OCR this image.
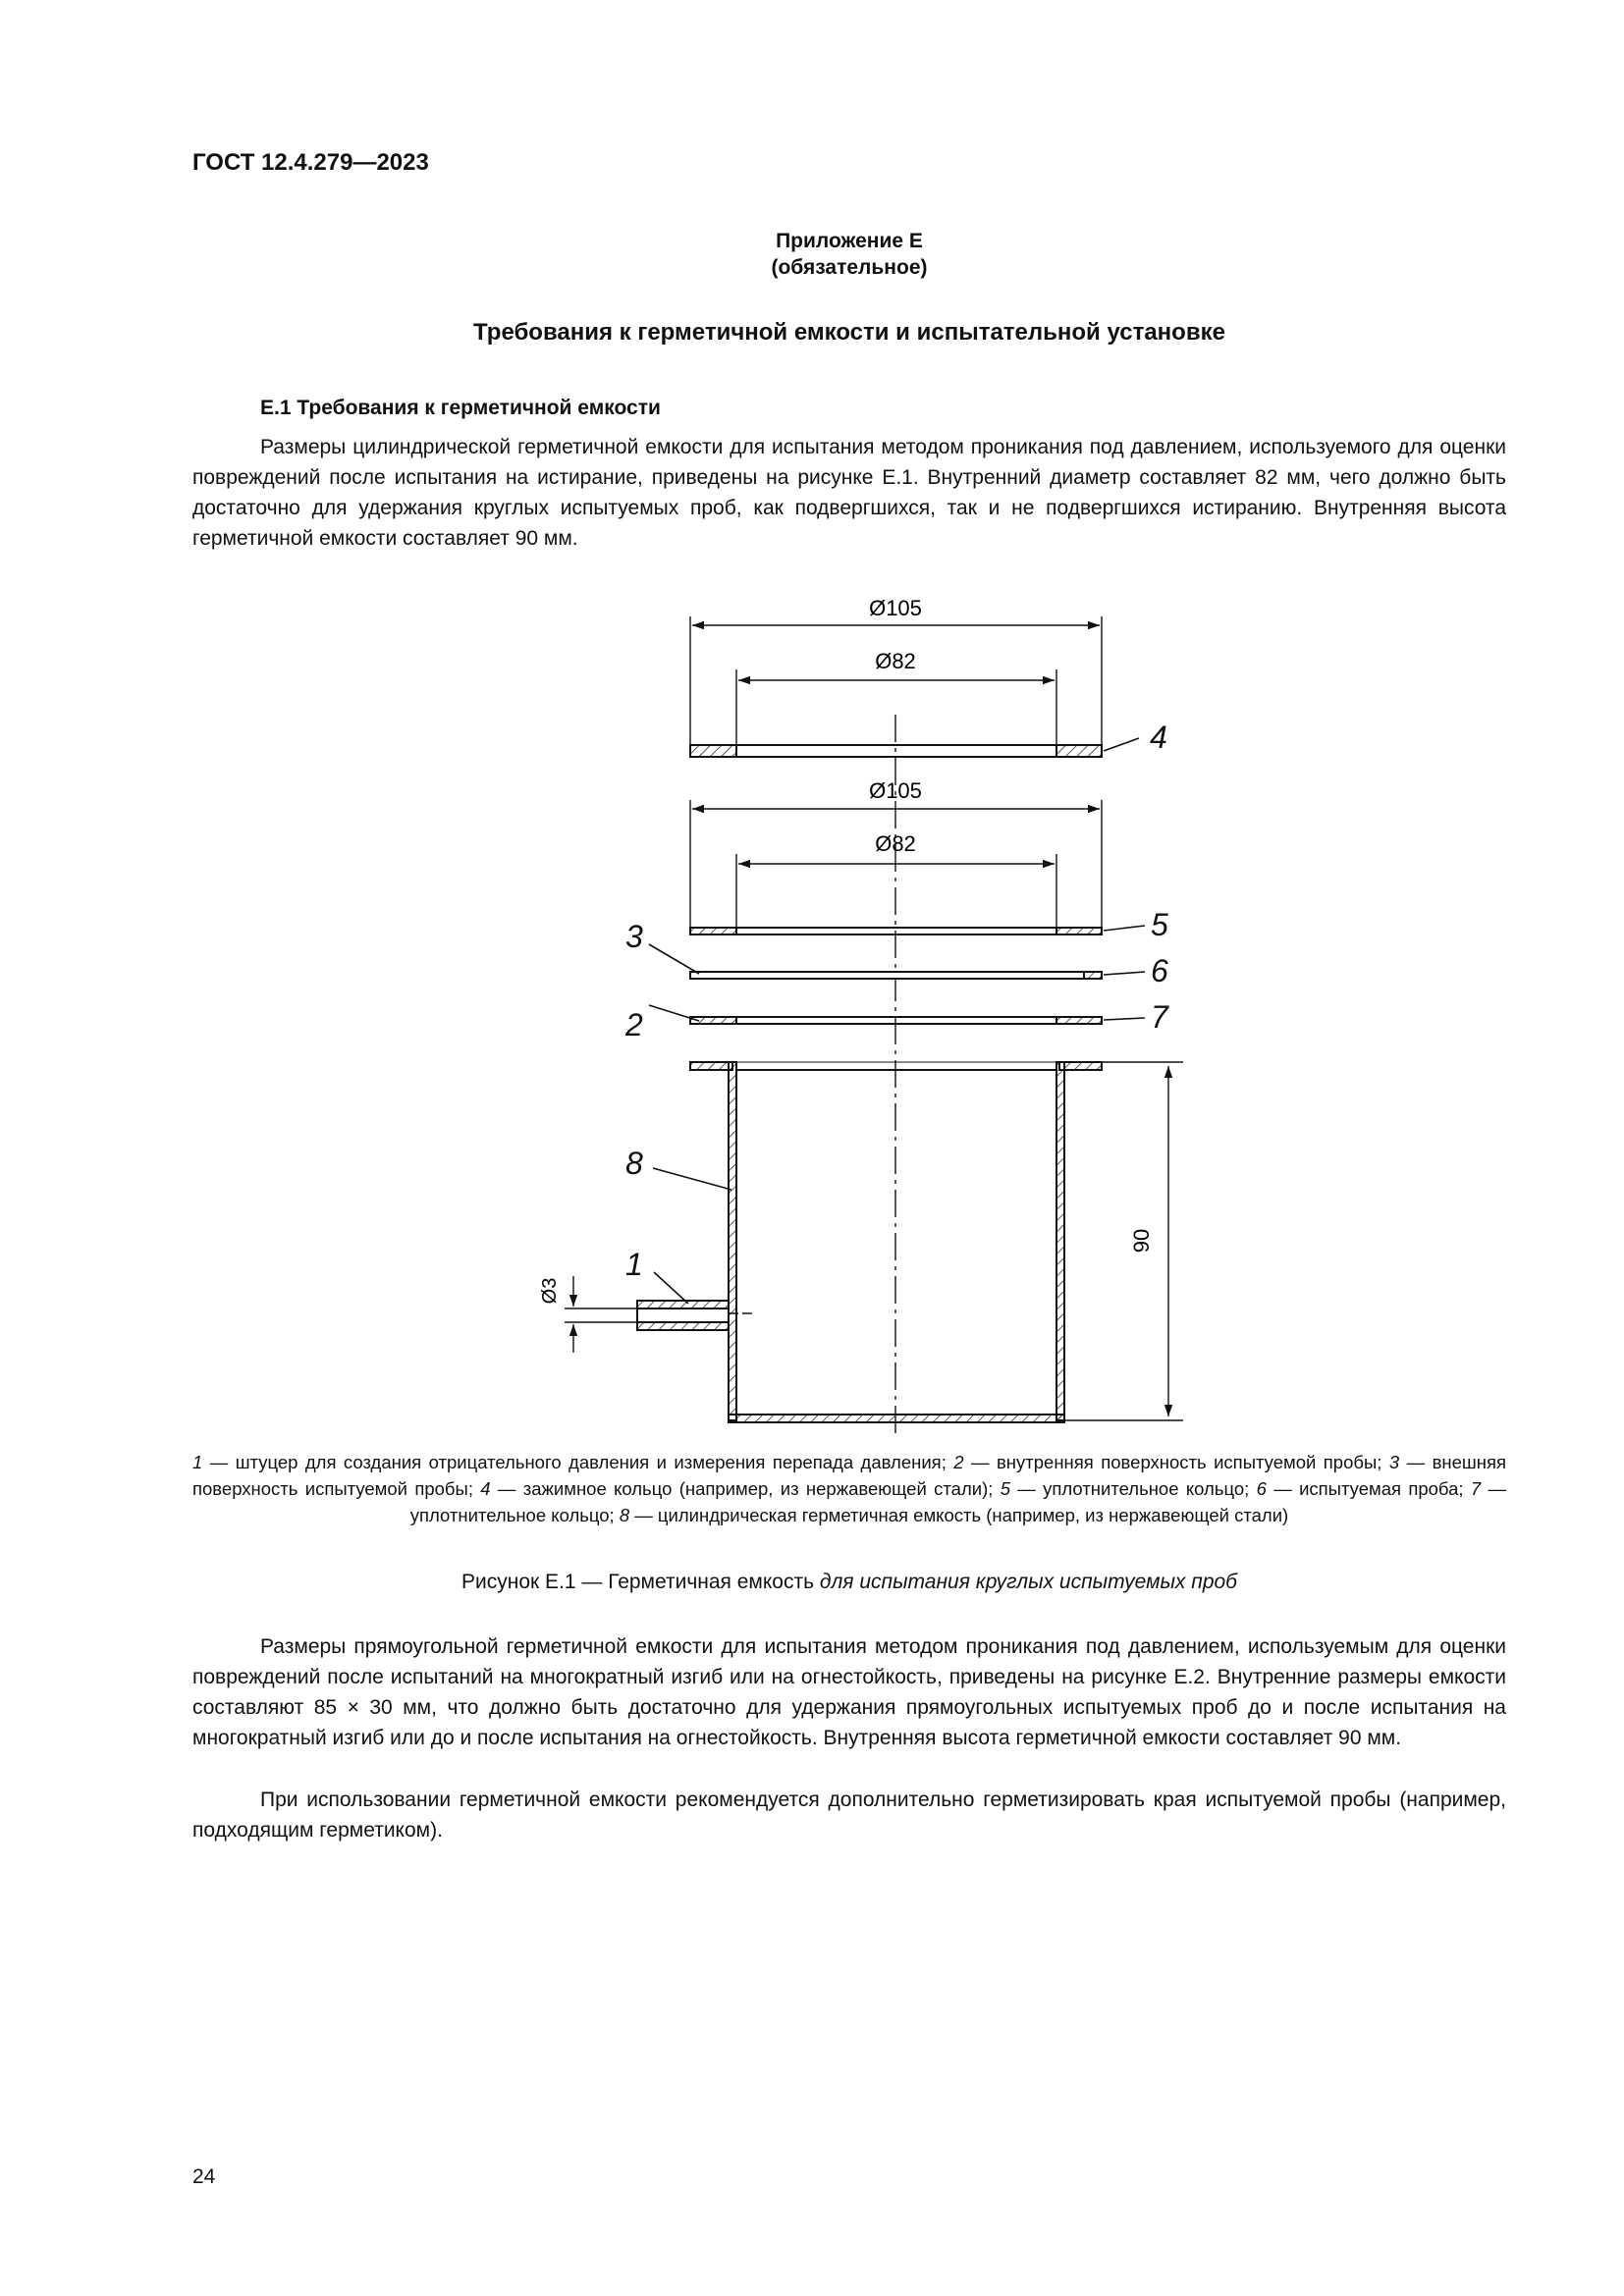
ГОСТ 12.4.279—2023
Приложение Е
(обязательное)
Требования к герметичной емкости и испытательной установке
Е.1 Требования к герметичной емкости

Размеры цилиндрической герметичной емкости для испытания методом проникания под давлением, используемого для оценки повреждений после испытания на истирание, приведены на рисунке Е.1. Внутренний диаметр составляет 82 мм, чего должно быть достаточно для удержания круглых испытуемых проб, как подвергшихся, так и не подвергшихся истиранию. Внутренняя высота герметичной емкости составляет 90 мм.

Ø105
Ø82
Ø105
Ø82
90
Ø3
4
5
6
7
3
2
8
1

1 — штуцер для создания отрицательного давления и измерения перепада давления; 2 — внутренняя поверхность испытуемой пробы; 3 — внешняя поверхность испытуемой пробы; 4 — зажимное кольцо (например, из нержавеющей стали); 5 — уплотнительное кольцо; 6 — испытуемая проба; 7 — уплотнительное кольцо; 8 — цилиндрическая герметичная емкость (например, из нержавеющей стали)

Рисунок Е.1 — Герметичная емкость для испытания круглых испытуемых проб

Размеры прямоугольной герметичной емкости для испытания методом проникания под давлением, используемым для оценки повреждений после испытаний на многократный изгиб или на огнестойкость, приведены на рисунке Е.2. Внутренние размеры емкости составляют 85 × 30 мм, что должно быть достаточно для удержания прямоугольных испытуемых проб до и после испытания на многократный изгиб или до и после испытания на огнестойкость. Внутренняя высота герметичной емкости составляет 90 мм.

При использовании герметичной емкости рекомендуется дополнительно герметизировать края испытуемой пробы (например, подходящим герметиком).

24
